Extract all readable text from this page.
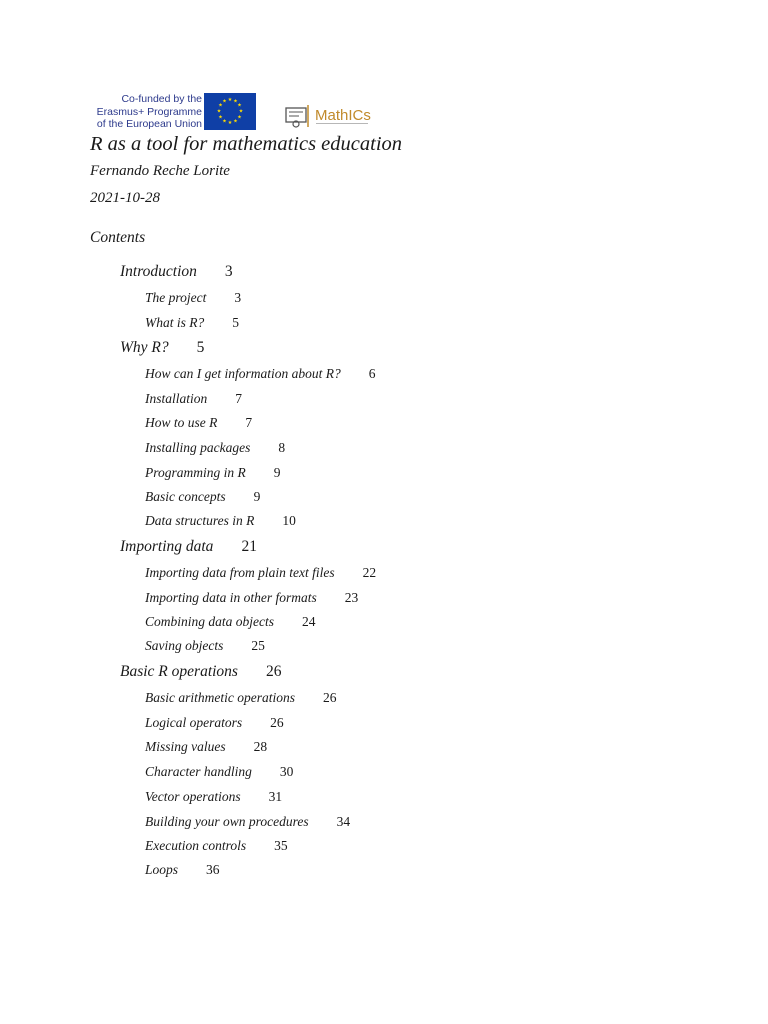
Co-funded by the
Erasmus+ Programme
of the European Union
★ ★
★
★
★
★
★
★
★
★
★
★
MathICs
R as a tool for mathematics education
Fernando Reche Lorite
2021-10-28
Contents
Introduction 3
The project 3
What is R? 5
Why R? 5
How can I get information about R? 6
Installation 7
How to use R 7
Installing packages 8
Programming in R 9
Basic concepts 9
Data structures in R 10
Importing data 21
Importing data from plain text files 22
Importing data in other formats 23
Combining data objects 24
Saving objects 25
Basic R operations 26
Basic arithmetic operations 26
Logical operators 26
Missing values 28
Character handling 30
Vector operations 31
Building your own procedures 34
Execution controls 35
Loops 36
